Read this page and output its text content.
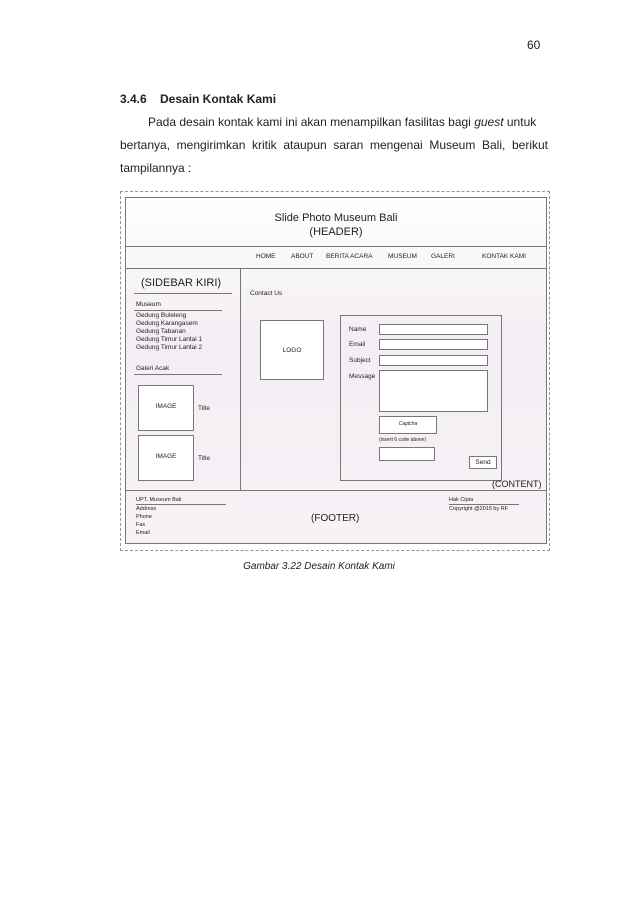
60
3.4.6 Desain Kontak Kami
Pada desain kontak kami ini akan menampilkan fasilitas bagi guest untuk
bertanya, mengirimkan kritik ataupun saran mengenai Museum Bali, berikut
tampilannya :
Slide Photo Museum Bali
(HEADER)
HOME ABOUT BERITA ACARA MUSEUM GALERI	KONTAK KAMI
(SIDEBAR KIRI)
Museum
Gedung Buleleng
Gedung Karangasem
Gedung Tabanan
Gedung Timur Lantai 1
Gedung Timur Lantai 2
Galeri Acak
IMAGE	Title
IMAGE	Title
Contact Us
LOGO
Name
Email
Subject
Message
Captcha
(insert 6 code above)
Send
(CONTENT)
UPT. Museum Bali
Address
Phone
Fax
Email
(FOOTER)
Hak Cipta
Copyright @2015 by RF
Gambar 3.22 Desain Kontak Kami
